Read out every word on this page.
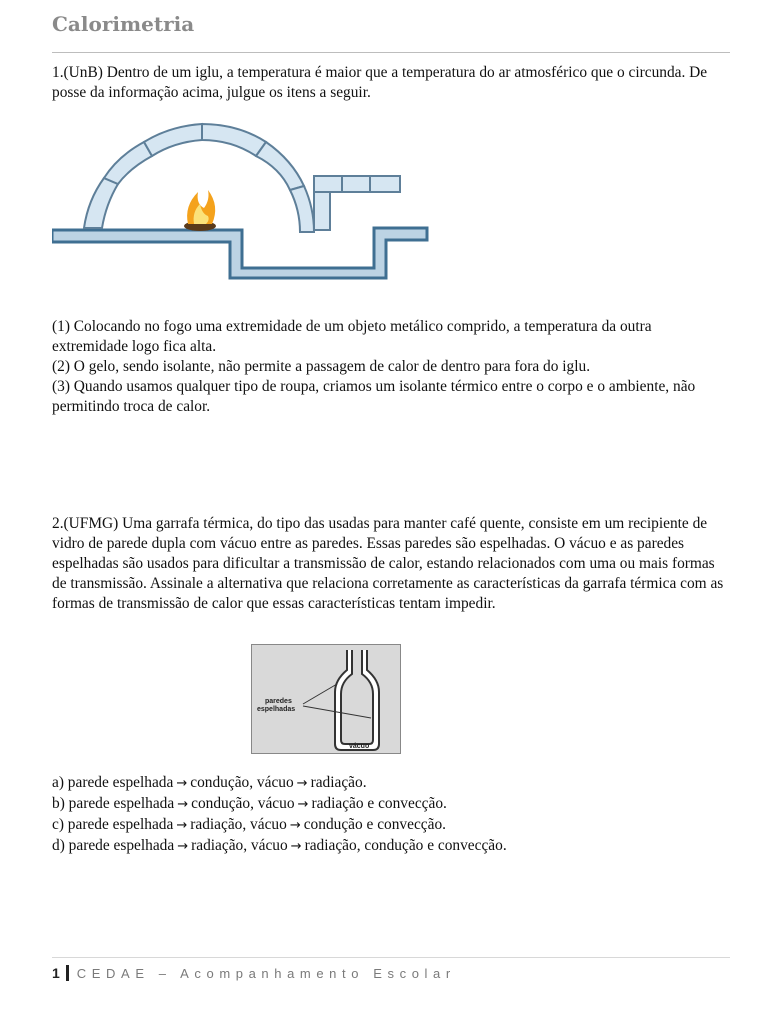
Calorimetria
1.(UnB) Dentro de um iglu, a temperatura é maior que a temperatura do ar atmosférico que o circunda. De posse da informação acima, julgue os itens a seguir.

(1) Colocando no fogo uma extremidade de um objeto metálico comprido, a temperatura da outra extremidade logo fica alta.

(2) O gelo, sendo isolante, não permite a passagem de calor de dentro para fora do iglu.

(3) Quando usamos qualquer tipo de roupa, criamos um isolante térmico entre o corpo e o ambiente, não permitindo troca de calor.

2.(UFMG) Uma garrafa térmica, do tipo das usadas para manter café quente, consiste em um recipiente de vidro de parede dupla com vácuo entre as paredes. Essas paredes são espelhadas. O vácuo e as paredes espelhadas são usados para dificultar a transmissão de calor, estando relacionados com uma ou mais formas de transmissão. Assinale a alternativa que relaciona corretamente as características da garrafa térmica com as formas de transmissão de calor que essas características tentam impedir.
paredes
espelhadas
vácuo
a) parede espelhada → condução, vácuo → radiação.
b) parede espelhada → condução, vácuo → radiação e convecção.
c) parede espelhada → radiação, vácuo → condução e convecção.
d) parede espelhada → radiação, vácuo → radiação, condução e convecção.
1 CEDAE – Acompanhamento Escolar
